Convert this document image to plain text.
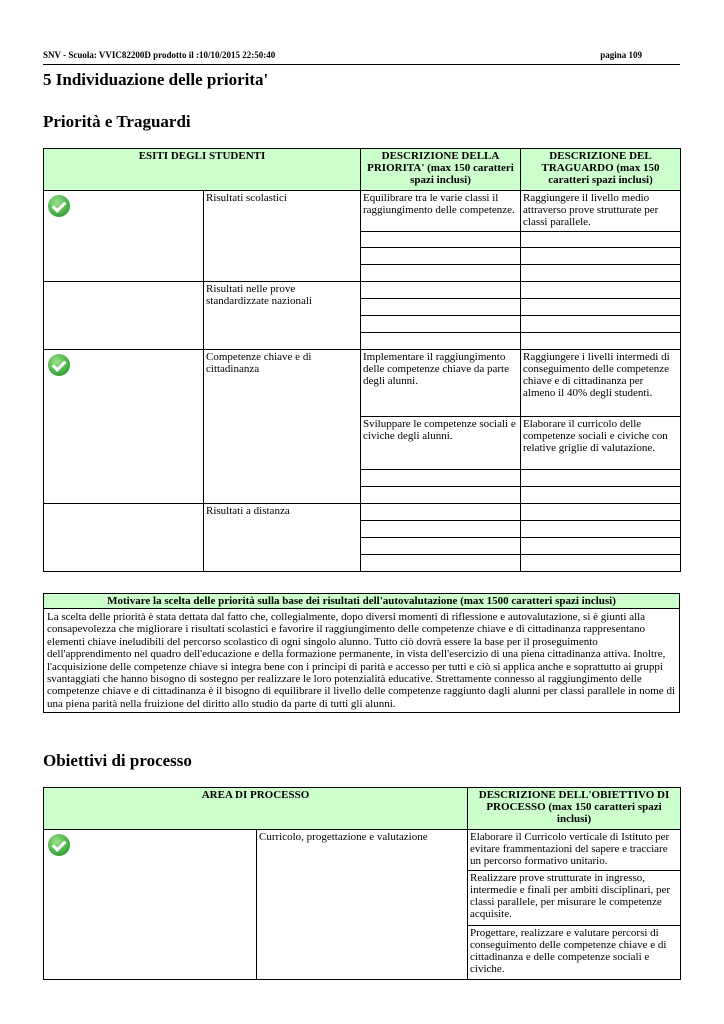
SNV - Scuola: VVIC82200D prodotto il :10/10/2015 22:50:40	pagina 109
5 Individuazione delle priorita'
Priorità e Traguardi
ESITI DEGLI STUDENTI		DESCRIZIONE DELLA PRIORITA' (max 150 caratteri spazi inclusi)	DESCRIZIONE DEL TRAGUARDO (max 150 caratteri spazi inclusi)
	Risultati scolastici	Equilibrare tra le varie classi il raggiungimento delle competenze.	Raggiungere il livello medio attraverso prove strutturate per classi parallele.

	Risultati nelle prove standardizzate nazionali		

	Competenze chiave e di cittadinanza	Implementare il raggiungimento delle competenze chiave da parte degli alunni.	Raggiungere i livelli intermedi di conseguimento delle competenze chiave e di cittadinanza per almeno il 40% degli studenti.
		Sviluppare le competenze sociali e civiche degli alunni.	Elaborare il curricolo delle competenze sociali e civiche con relative griglie di valutazione.

	Risultati a distanza		

Motivare la scelta delle priorità sulla base dei risultati dell'autovalutazione (max 1500 caratteri spazi inclusi)
La scelta delle priorità è stata dettata dal fatto che, collegialmente, dopo diversi momenti di riflessione e autovalutazione, si è giunti alla consapevolezza che migliorare i risultati scolastici e favorire il raggiungimento delle competenze chiave e di cittadinanza rappresentano elementi chiave ineludibili del percorso scolastico di ogni singolo alunno. Tutto ciò dovrà essere la base per il proseguimento dell'apprendimento nel quadro dell'educazione e della formazione permanente, in vista dell'esercizio di una piena cittadinanza attiva. Inoltre, l'acquisizione delle competenze chiave si integra bene con i principi di parità e accesso per tutti e ciò si applica anche e soprattutto ai gruppi svantaggiati che hanno bisogno di sostegno per realizzare le loro potenzialità educative. Strettamente connesso al raggiungimento delle competenze chiave e di cittadinanza è il bisogno di equilibrare il livello delle competenze raggiunto dagli alunni per classi parallele in nome di una piena parità nella fruizione del diritto allo studio da parte di tutti gli alunni.
Obiettivi di processo
AREA DI PROCESSO		DESCRIZIONE DELL'OBIETTIVO DI PROCESSO (max 150 caratteri spazi inclusi)
	Curricolo, progettazione e valutazione	Elaborare il Curricolo verticale di Istituto per evitare frammentazioni del sapere e tracciare un percorso formativo unitario.
		Realizzare prove strutturate in ingresso, intermedie e finali per ambiti disciplinari, per classi parallele, per misurare le competenze acquisite.
		Progettare, realizzare e valutare percorsi di conseguimento delle competenze chiave e di cittadinanza e delle competenze sociali e civiche.
